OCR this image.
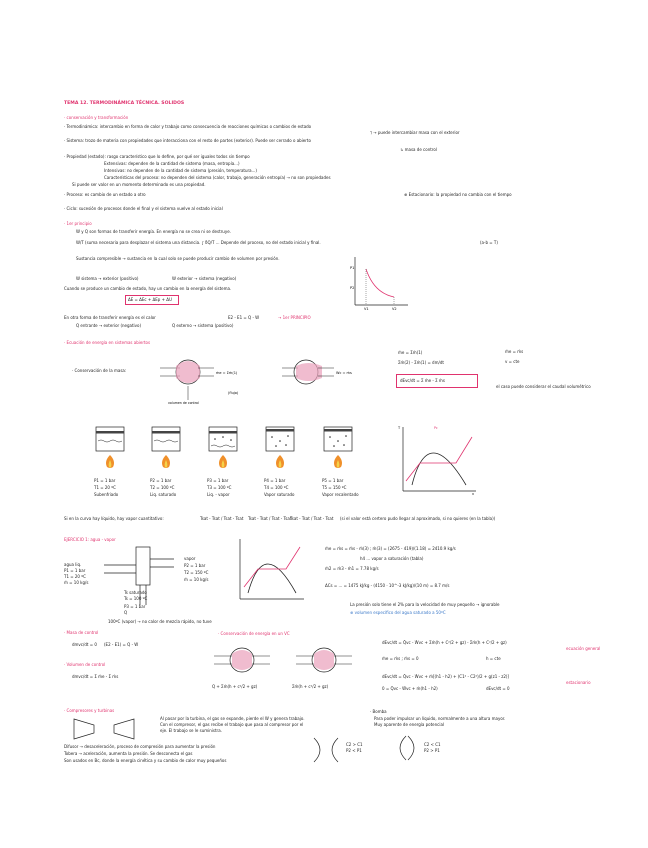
TEMA 12. TERMODINÁMICA TÉCNICA. SOLIDOS
· conservación y transformación
· Termodinámica: intercambio en forma de calor y trabajo como consecuencia de reacciones químicas o cambios de estado
⁊ → puede intercambiar masa con el exterior
· Sistema: trozo de materia con propiedades que interacciona con el resto de partes (exterior). Puede ser cerrado o abierto
↳ masa de control
· Propiedad (estado): rasgo característico que lo define, por qué ser iguales todos sin tiempo
Extensivas: dependen de la cantidad de sistema (masa, entropía...)
Intensivas: no dependen de la cantidad de sistema (presión, temperatura...)
Características del proceso: no dependen del sistema (calor, trabajo, generación entropía) → no son propiedades
Si puede ser valor en un momento determinado es una propiedad.
· Proceso: es cambio de un estado a otro	⊕ Estacionario: la propiedad no cambia con el tiempo
· Ciclo: sucesión de procesos donde el final y el sistema vuelve al estado inicial
· 1er principio
W y Q son formas de transferir energía. En energía no se crea ni se destruye.
W/T (suma necesaria para desplazar el sistema una distancia. ∫ δQ/T ... Depende del proceso, no del estado inicial y final.	(a-b = T)
Sustancia compresible → sustancia en la cual solo se puede producir cambio de volumen por presión.
W sistema → exterior (positivo)	W exterior → sistema (negativo)
Cuando se produce un cambio de estado, hay un cambio en la energía del sistema.
ΔE = ΔEc + ΔEp + ΔU
En otra forma de transferir energía es el calor	E2 - E1 = Q - W	→ 1er PRINCIPIO
Q entrante → exterior (negativo)	Q externo → sistema (positivo)
P1
P2
V1	V2
· Ecuación de energía en sistemas abiertos
· Conservación de la masa:	ṁe = Σṁ(1)
(flujo)
volumen de control
Wc = ṁs
ṁe = Σṁ(1)
Σṁ(2) - Σṁ(1) = dm/dt
dEvc/dt = Σ ṁe - Σ ṁs
ṁe = ṁs
v = cte
el caso puede considerar el caudal volumétrico
P1 = 1 bar
T1 = 20 ºC
Subenfriado
P2 = 1 bar
T2 = 100 ºC
Liq. saturado
P3 = 1 bar
T3 = 100 ºC
Liq. - vapor
P4 = 1 bar
T4 = 100 ºC
Vapor saturado
P5 = 1 bar
T5 = 150 ºC
Vapor recalentado
T
v
Pc
Si en la curva hay líquido, hay vapor cuantitativo:	Tsat - Tsat / Tsat - Tsat Tsat - Tsat / Tsat - Tsat
Tsat - Tsat / Tsat - Tsat (si el valor está certero pudo llegar al aproximado, si no quieres (en la tabla))
EJERCICIO 1: agua - vapor
agua liq.
P1 = 1 bar
T1 = 20 ºC
ṁ = 10 kg/s
vapor
P2 = 1 bar
T2 = 150 ºC
ṁ = 10 kg/s
P3 = 1 bar
Q
Ts saturado
Ts = 100 ºC
100ºC (vapor) → no calor de mezcla rápido, no tuve
ṁe = ṁs = ṁs - ṁ(3) ; ṁ(3) = (2675 - 419)/(1.18) = 2410.9 kg/s
h4 ... vapor a saturación (tabla)
ṁ2 = ṁ3 - ṁ1 = 7.78 kg/s
ΔCs = ... = 1475 kJ/kg - (4150 · 10^-3 kJ/kg)/(10 m) = 8.7 m/s
La presión solo tiene el 2% para la velocidad de muy pequeño → ignorable
⊕ volumen específico del agua saturado a 50ºC
· Masa de control
dmvc/dt = 0 (E2 - E1) = Q - W
· Volumen de control
dmvc/dt = Σ ṁe - Σ ṁs
· Conservación de energía en un VC
Q + Σṁ(h + c²/2 + gz)	Σṁ(h + c²/2 + gz)
dEvc/dt = Q̇vc - Ẇvc + Σṁ(h + C²/2 + gz) - Σṁ(h + C²/2 + gz)
ecuación general
ṁe = ṁs ; ṁs = 0	h = cte
dEvc/dt = Q̇vc - Ẇvc + ṁ[(h1 - h2) + (C1² - C2²)/2 + g(z1 - z2)]
estacionario
0 = Q̇vc - Ẇvc + ṁ(h1 - h2)	dEvc/dt = 0
· Compresores y turbinas
Al pasar por la turbina, el gas se expande, pierde el W y genera trabajo.
Con el compresor, el gas recibe el trabajo que pasa al compresor por el
eje. El trabajo se le suministra.
Difusor → desaceleración, proceso de compresión para aumentar la presión
Tobera → aceleración, aumenta la presión. Se desconecta el gas
Son usados en Bc, donde la energía cinética y su cambio de calor muy pequeños
C2 > C1
P2 < P1
· Bomba
Para poder impulsar un líquido, normalmente a una altura mayor.
Muy aparente de energía potencial
C2 < C1
P2 > P1
